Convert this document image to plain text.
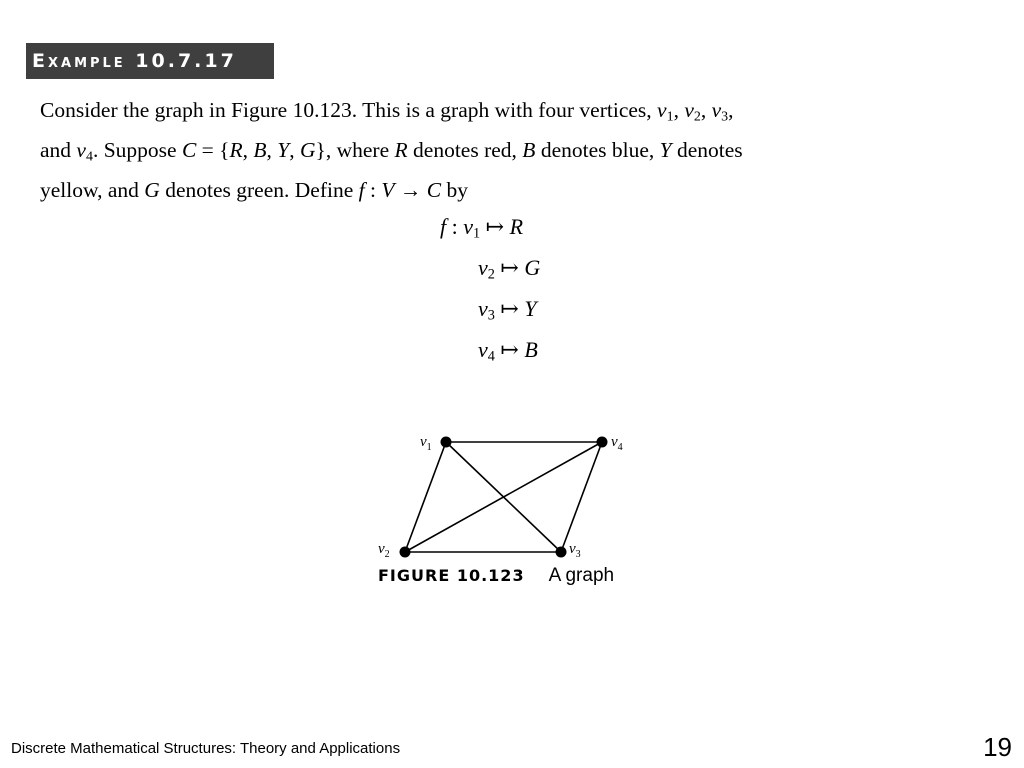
Example 10.7.17

Consider the graph in Figure 10.123. This is a graph with four vertices, $v_1$, $v_2$, $v_3$,

and $v_4$. Suppose C = {R, B, Y, G}, where R denotes red, B denotes blue, Y denotes

yellow, and G denotes green. Define f : V → C by

f : $v_1$ ↦ R
$v_2$ ↦ G
$v_3$ ↦ Y
$v_4$ ↦ B
$v_1$
$v_2$	$v_3$
$v_4$
FIGURE 10.123 A graph
Discrete Mathematical Structures: Theory and Applications	19
